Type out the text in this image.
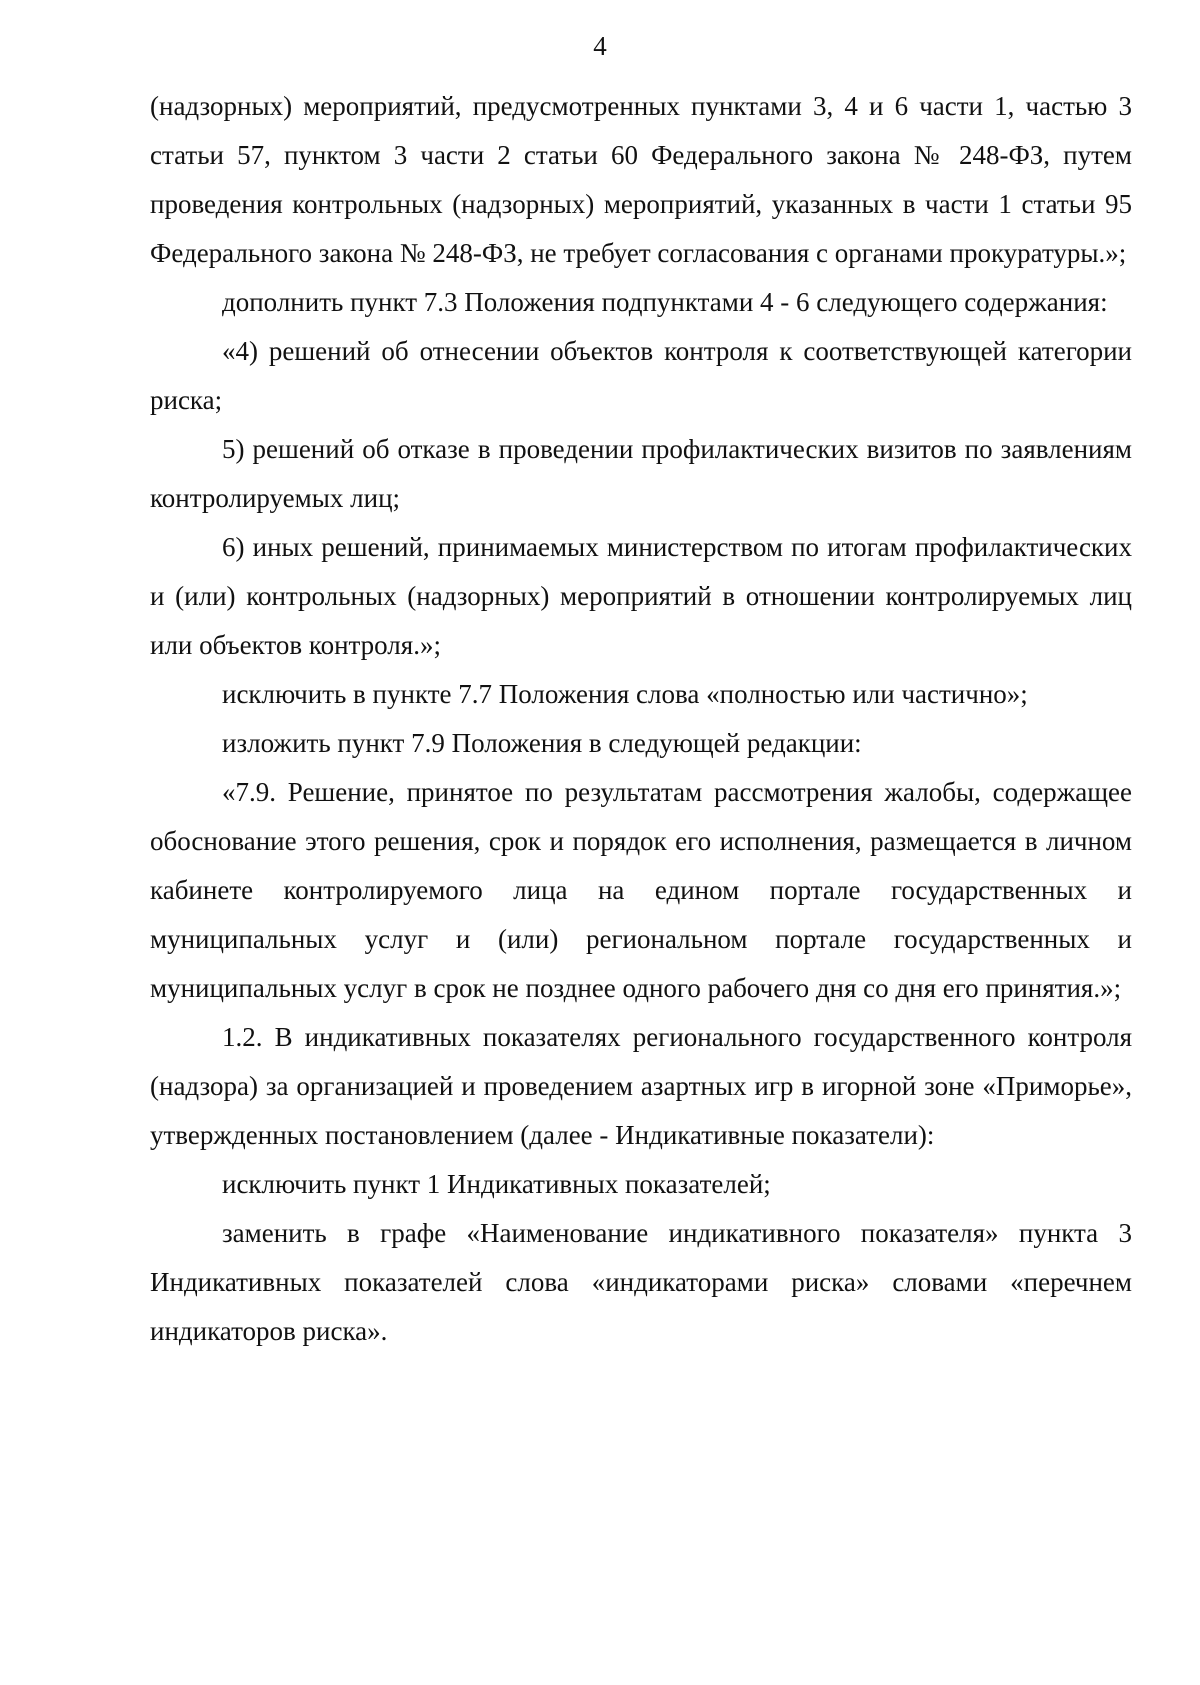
4

(надзорных) мероприятий, предусмотренных пунктами 3, 4 и 6 части 1, частью 3 статьи 57, пунктом 3 части 2 статьи 60 Федерального закона № 248-ФЗ, путем проведения контрольных (надзорных) мероприятий, указанных в части 1 статьи 95 Федерального закона № 248-ФЗ, не требует согласования с органами прокуратуры.»;

дополнить пункт 7.3 Положения подпунктами 4 - 6 следующего содержания:

«4) решений об отнесении объектов контроля к соответствующей категории риска;

5) решений об отказе в проведении профилактических визитов по заявлениям контролируемых лиц;

6) иных решений, принимаемых министерством по итогам профилактических и (или) контрольных (надзорных) мероприятий в отношении контролируемых лиц или объектов контроля.»;

исключить в пункте 7.7 Положения слова «полностью или частично»;

изложить пункт 7.9 Положения в следующей редакции:

«7.9. Решение, принятое по результатам рассмотрения жалобы, содержащее обоснование этого решения, срок и порядок его исполнения, размещается в личном кабинете контролируемого лица на едином портале государственных и муниципальных услуг и (или) региональном портале государственных и муниципальных услуг в срок не позднее одного рабочего дня со дня его принятия.»;

1.2. В индикативных показателях регионального государственного контроля (надзора) за организацией и проведением азартных игр в игорной зоне «Приморье», утвержденных постановлением (далее - Индикативные показатели):

исключить пункт 1 Индикативных показателей;

заменить в графе «Наименование индикативного показателя» пункта 3 Индикативных показателей слова «индикаторами риска» словами «перечнем индикаторов риска».
